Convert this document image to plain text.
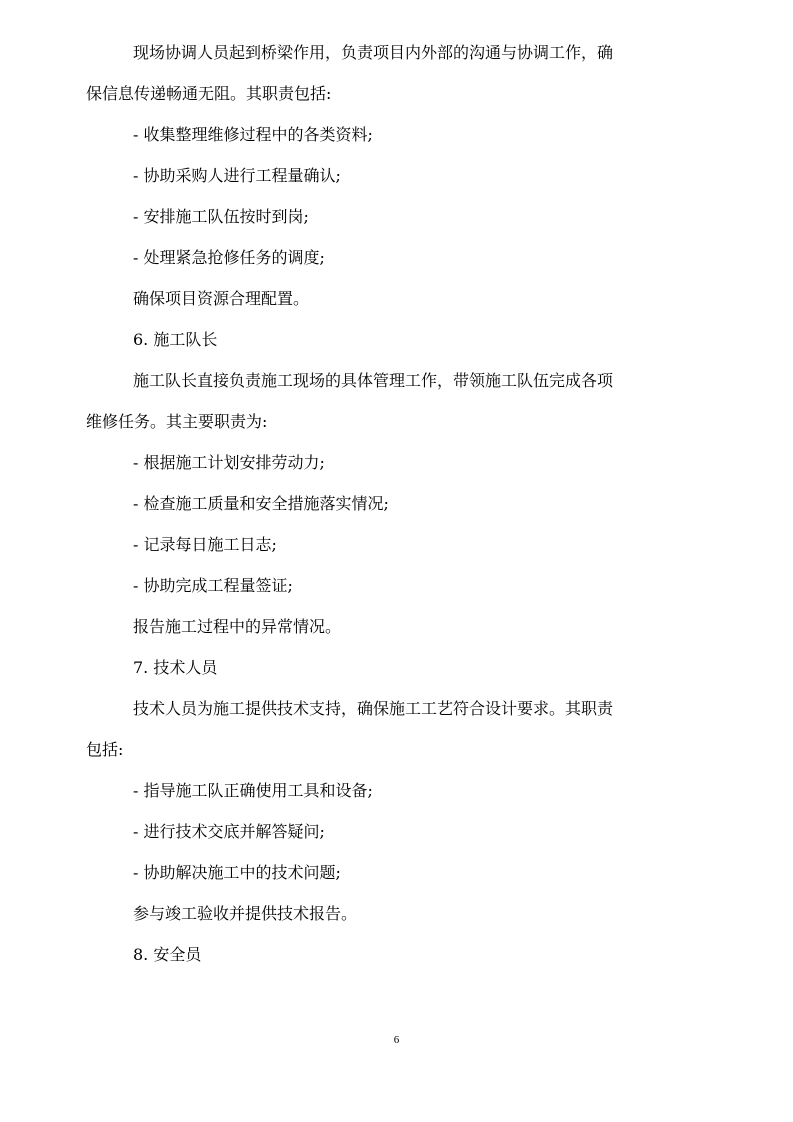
现场协调人员起到桥梁作用，负责项目内外部的沟通与协调工作，确

保信息传递畅通无阻。其职责包括:

- 收集整理维修过程中的各类资料;

- 协助采购人进行工程量确认;

- 安排施工队伍按时到岗;

- 处理紧急抢修任务的调度;

确保项目资源合理配置。

6. 施工队长

施工队长直接负责施工现场的具体管理工作，带领施工队伍完成各项

维修任务。其主要职责为:

- 根据施工计划安排劳动力;

- 检查施工质量和安全措施落实情况;

- 记录每日施工日志;

- 协助完成工程量签证;

报告施工过程中的异常情况。

7. 技术人员

技术人员为施工提供技术支持，确保施工工艺符合设计要求。其职责

包括:

- 指导施工队正确使用工具和设备;

- 进行技术交底并解答疑问;

- 协助解决施工中的技术问题;

参与竣工验收并提供技术报告。

8. 安全员

6
